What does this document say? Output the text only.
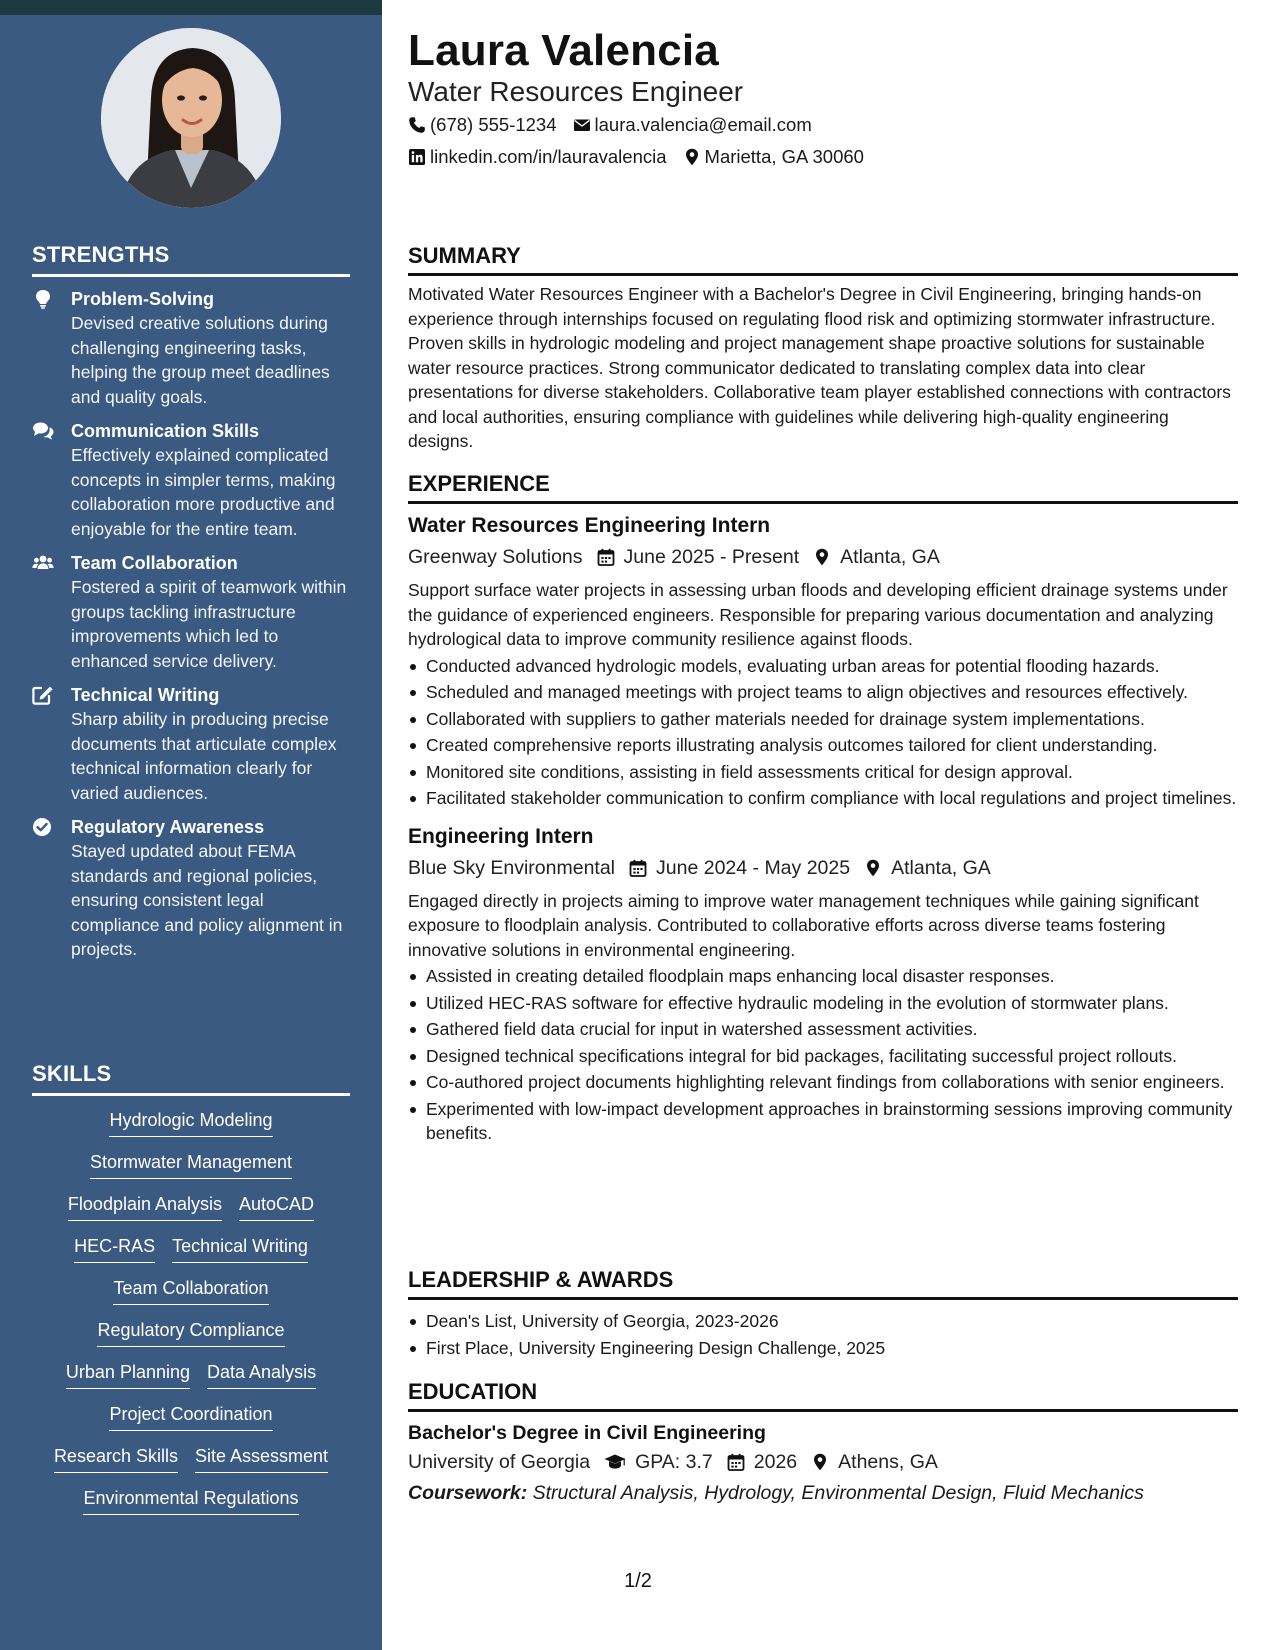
STRENGTHS
Problem-Solving
Devised creative solutions during challenging engineering tasks, helping the group meet deadlines and quality goals.
Communication Skills
Effectively explained complicated concepts in simpler terms, making collaboration more productive and enjoyable for the entire team.
Team Collaboration
Fostered a spirit of teamwork within groups tackling infrastructure improvements which led to enhanced service delivery.
Technical Writing
Sharp ability in producing precise documents that articulate complex technical information clearly for varied audiences.
Regulatory Awareness
Stayed updated about FEMA standards and regional policies, ensuring consistent legal compliance and policy alignment in projects.
SKILLS
Hydrologic Modeling
Stormwater Management
Floodplain Analysis AutoCAD
HEC-RAS Technical Writing
Team Collaboration
Regulatory Compliance
Urban Planning Data Analysis
Project Coordination
Research Skills Site Assessment
Environmental Regulations
Laura Valencia
Water Resources Engineer
(678) 555-1234 laura.valencia@email.com
linkedin.com/in/lauravalencia Marietta, GA 30060
SUMMARY

Motivated Water Resources Engineer with a Bachelor's Degree in Civil Engineering, bringing hands-on experience through internships focused on regulating flood risk and optimizing stormwater infrastructure. Proven skills in hydrologic modeling and project management shape proactive solutions for sustainable water resource practices. Strong communicator dedicated to translating complex data into clear presentations for diverse stakeholders. Collaborative team player established connections with contractors and local authorities, ensuring compliance with guidelines while delivering high-quality engineering designs.

EXPERIENCE
Water Resources Engineering Intern
Greenway Solutions June 2025 - Present Atlanta, GA

Support surface water projects in assessing urban floods and developing efficient drainage systems under the guidance of experienced engineers. Responsible for preparing various documentation and analyzing hydrological data to improve community resilience against floods.

Conducted advanced hydrologic models, evaluating urban areas for potential flooding hazards.
Scheduled and managed meetings with project teams to align objectives and resources effectively.
Collaborated with suppliers to gather materials needed for drainage system implementations.
Created comprehensive reports illustrating analysis outcomes tailored for client understanding.
Monitored site conditions, assisting in field assessments critical for design approval.
Facilitated stakeholder communication to confirm compliance with local regulations and project timelines.
Engineering Intern
Blue Sky Environmental June 2024 - May 2025 Atlanta, GA

Engaged directly in projects aiming to improve water management techniques while gaining significant exposure to floodplain analysis. Contributed to collaborative efforts across diverse teams fostering innovative solutions in environmental engineering.

Assisted in creating detailed floodplain maps enhancing local disaster responses.
Utilized HEC-RAS software for effective hydraulic modeling in the evolution of stormwater plans.
Gathered field data crucial for input in watershed assessment activities.
Designed technical specifications integral for bid packages, facilitating successful project rollouts.
Co-authored project documents highlighting relevant findings from collaborations with senior engineers.
Experimented with low-impact development approaches in brainstorming sessions improving community benefits.
LEADERSHIP & AWARDS
Dean's List, University of Georgia, 2023-2026
First Place, University Engineering Design Challenge, 2025
EDUCATION
Bachelor's Degree in Civil Engineering
University of Georgia GPA: 3.7 2026 Athens, GA
Coursework: Structural Analysis, Hydrology, Environmental Design, Fluid Mechanics
1/2
